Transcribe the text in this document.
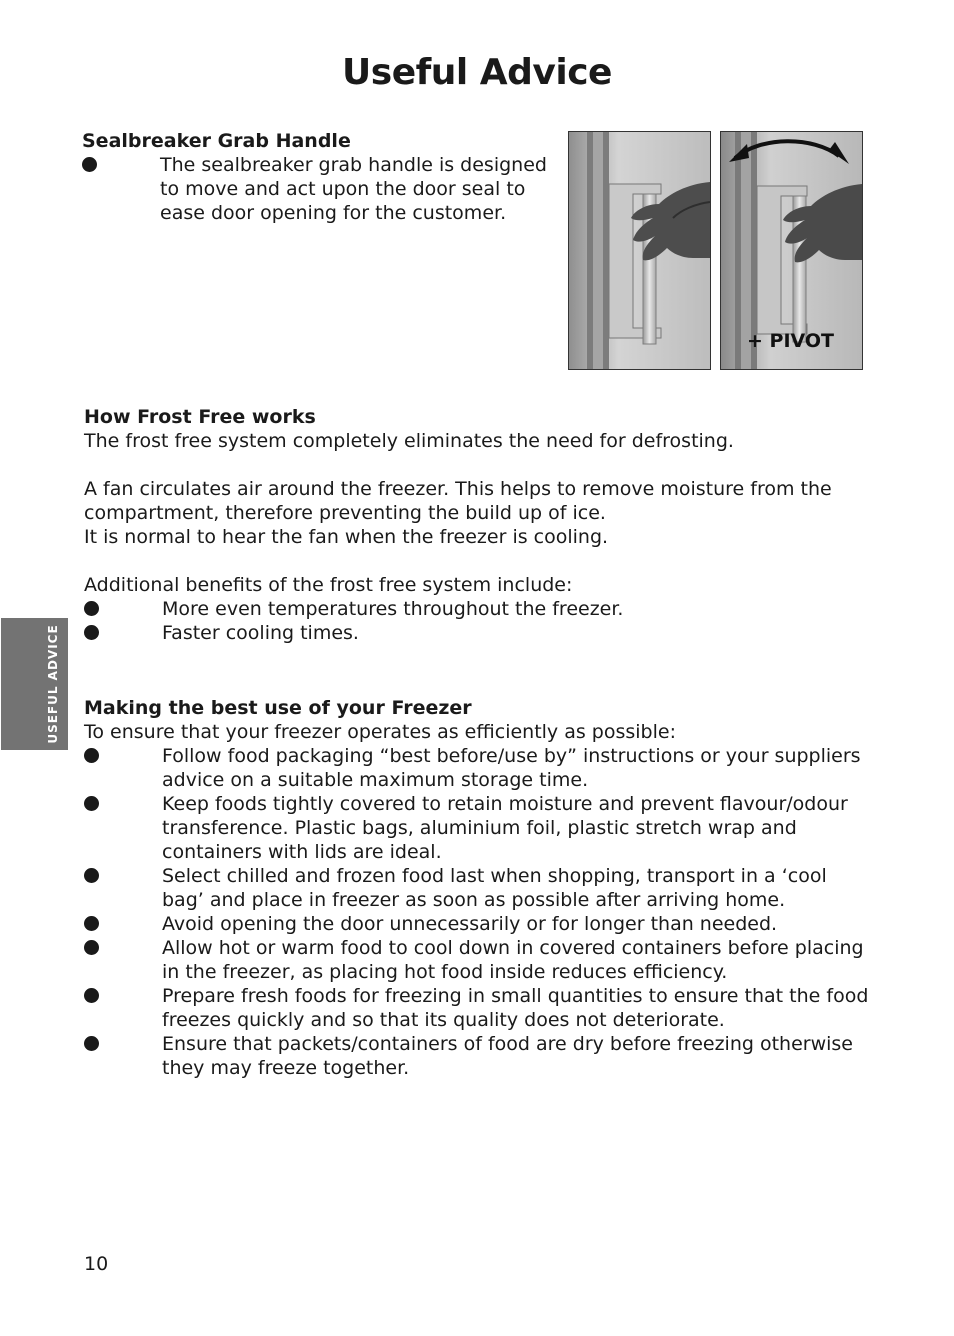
Useful Advice
Sealbreaker Grab Handle
The sealbreaker grab handle is designed to move and act upon the door seal to ease door opening for the customer.
+ PIVOT
How Frost Free works

The frost free system completely eliminates the need for defrosting.

A fan circulates air around the freezer. This helps to remove moisture from the compartment, therefore preventing the build up of ice.

It is normal to hear the fan when the freezer is cooling.

Additional benefits of the frost free system include:

More even temperatures throughout the freezer.
Faster cooling times.
USEFUL ADVICE Making the best use of your Freezer

To ensure that your freezer operates as efficiently as possible:

Follow food packaging “best before/use by” instructions or your suppliers advice on a suitable maximum storage time.
Keep foods tightly covered to retain moisture and prevent flavour/odour transference. Plastic bags, aluminium foil, plastic stretch wrap and containers with lids are ideal.
Select chilled and frozen food last when shopping, transport in a ‘cool bag’ and place in freezer as soon as possible after arriving home.
Avoid opening the door unnecessarily or for longer than needed.
Allow hot or warm food to cool down in covered containers before placing in the freezer, as placing hot food inside reduces efficiency.
Prepare fresh foods for freezing in small quantities to ensure that the food freezes quickly and so that its quality does not deteriorate.
Ensure that packets/containers of food are dry before freezing otherwise they may freeze together.
10
